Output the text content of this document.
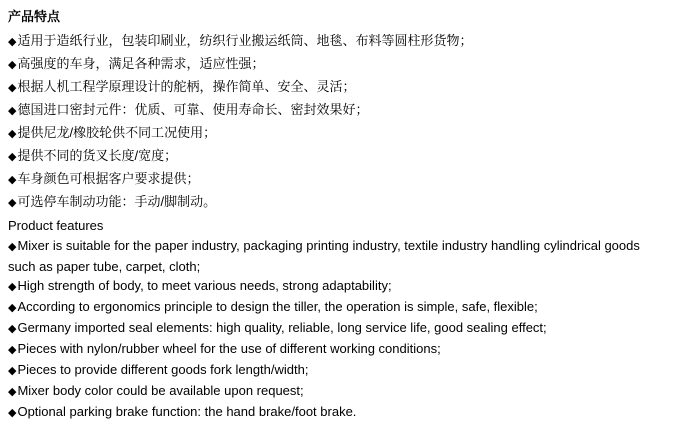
产品特点

◆适用于造纸行业，包装印刷业，纺织行业搬运纸筒、地毯、布料等圆柱形货物；

◆高强度的车身，满足各种需求，适应性强；

◆根据人机工程学原理设计的舵柄，操作简单、安全、灵活；

◆德国进口密封元件：优质、可靠、使用寿命长、密封效果好；

◆提供尼龙/橡胶轮供不同工况使用；

◆提供不同的货叉长度/宽度；

◆车身颜色可根据客户要求提供；

◆可选停车制动功能：手动/脚制动。

Product features

◆Mixer is suitable for the paper industry, packaging printing industry, textile industry handling cylindrical goods such as paper tube, carpet, cloth;

◆High strength of body, to meet various needs, strong adaptability;

◆According to ergonomics principle to design the tiller, the operation is simple, safe, flexible;

◆Germany imported seal elements: high quality, reliable, long service life, good sealing effect;

◆Pieces with nylon/rubber wheel for the use of different working conditions;

◆Pieces to provide different goods fork length/width;

◆Mixer body color could be available upon request;

◆Optional parking brake function: the hand brake/foot brake.
